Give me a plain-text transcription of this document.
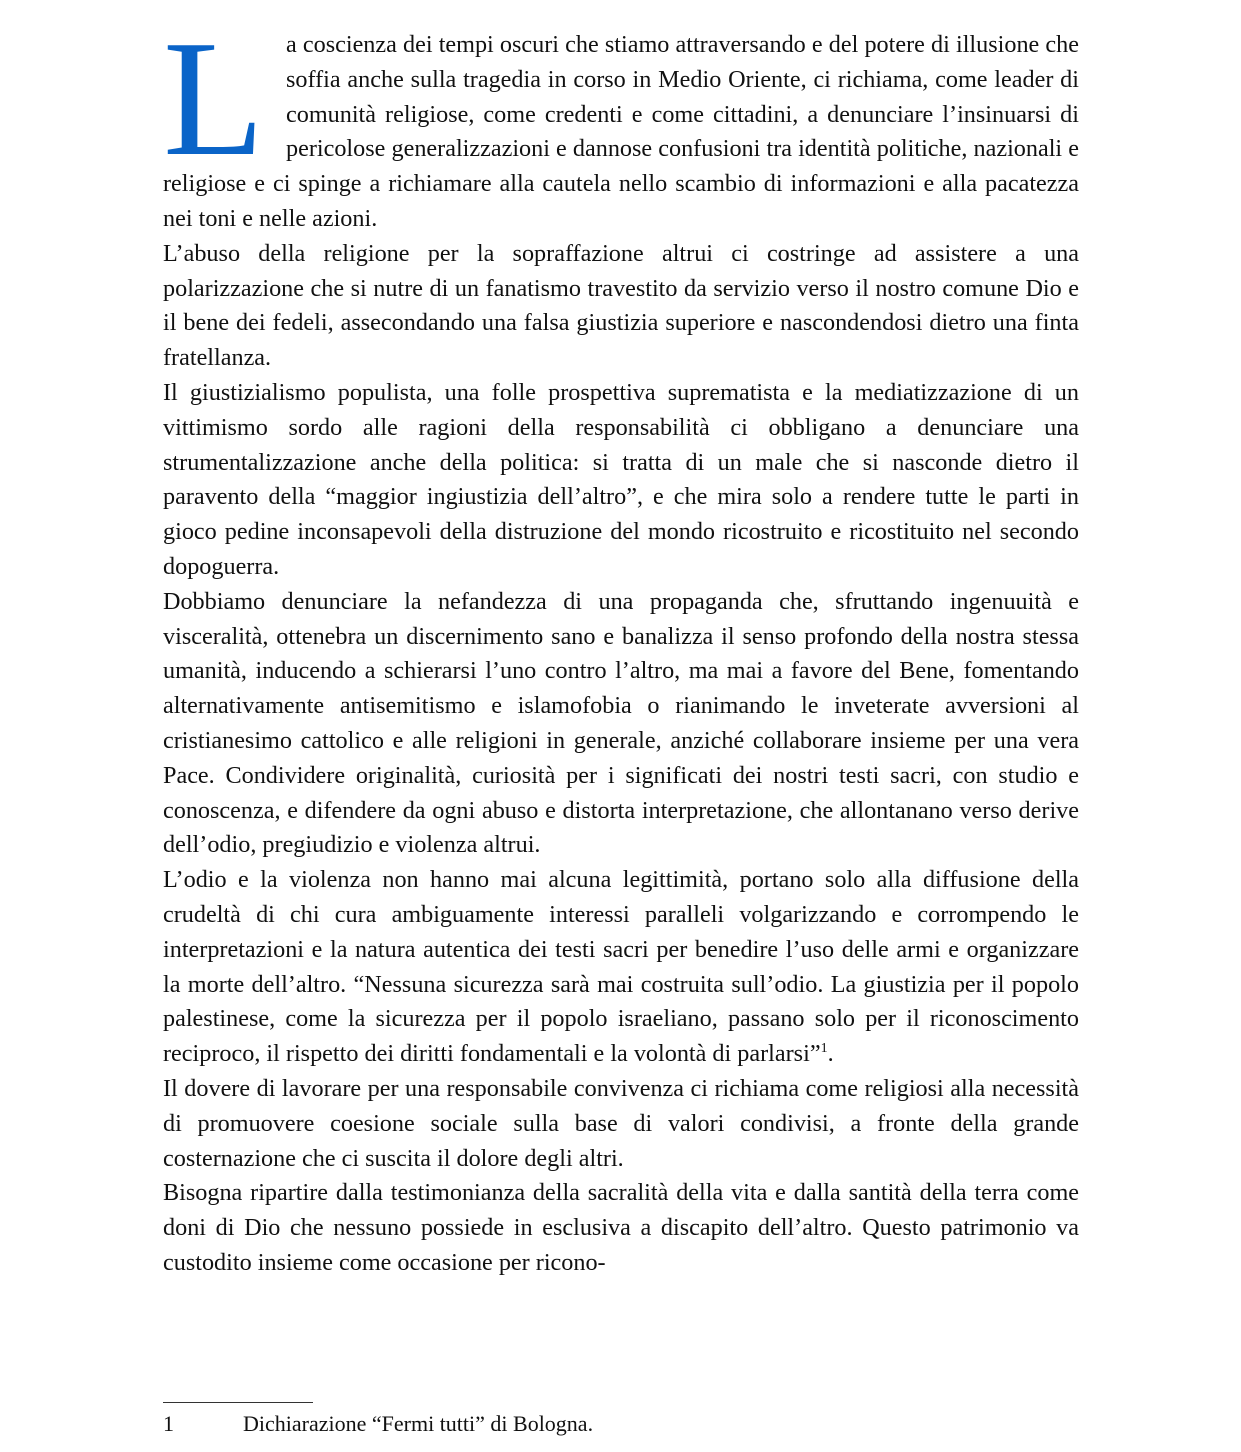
La coscienza dei tempi oscuri che stiamo attraversando e del potere di illusione che soffia anche sulla tragedia in corso in Medio Oriente, ci richiama, come leader di comunità religiose, come credenti e come cittadini, a denunciare l’insinuarsi di pericolose generalizzazioni e dannose confusioni tra identità politiche, nazionali e religiose e ci spinge a richiamare alla cautela nello scambio di informazioni e alla pacatezza nei toni e nelle azioni.

L’abuso della religione per la sopraffazione altrui ci costringe ad assistere a una polarizzazione che si nutre di un fanatismo travestito da servizio verso il nostro comune Dio e il bene dei fedeli, assecondando una falsa giustizia superiore e nascondendosi dietro una finta fratellanza.

Il giustizialismo populista, una folle prospettiva suprematista e la mediatizzazione di un vittimismo sordo alle ragioni della responsabilità ci obbligano a denunciare una strumentalizzazione anche della politica: si tratta di un male che si nasconde dietro il paravento della “maggior ingiustizia dell’altro”, e che mira solo a rendere tutte le parti in gioco pedine inconsapevoli della distruzione del mondo ricostruito e ricostituito nel secondo dopoguerra.

Dobbiamo denunciare la nefandezza di una propaganda che, sfruttando ingenuuità e visceralità, ottenebra un discernimento sano e banalizza il senso profondo della nostra stessa umanità, inducendo a schierarsi l’uno contro l’altro, ma mai a favore del Bene, fomentando alternativamente antisemitismo e islamofobia o rianimando le inveterate avversioni al cristianesimo cattolico e alle religioni in generale, anziché collaborare insieme per una vera Pace. Condividere originalità, curiosità per i significati dei nostri testi sacri, con studio e conoscenza, e difendere da ogni abuso e distorta interpretazione, che allontanano verso derive dell’odio, pregiudizio e violenza altrui.

L’odio e la violenza non hanno mai alcuna legittimità, portano solo alla diffusione della crudeltà di chi cura ambiguamente interessi paralleli volgarizzando e corrompendo le interpretazioni e la natura autentica dei testi sacri per benedire l’uso delle armi e organizzare la morte dell’altro. “Nessuna sicurezza sarà mai costruita sull’odio. La giustizia per il popolo palestinese, come la sicurezza per il popolo israeliano, passano solo per il riconoscimento reciproco, il rispetto dei diritti fondamentali e la volontà di parlarsi”$^1$.

Il dovere di lavorare per una responsabile convivenza ci richiama come religiosi alla necessità di promuovere coesione sociale sulla base di valori condivisi, a fronte della grande costernazione che ci suscita il dolore degli altri.

Bisogna ripartire dalla testimonianza della sacralità della vita e dalla santità della terra come doni di Dio che nessuno possiede in esclusiva a discapito dell’altro. Questo patrimonio va custodito insieme come occasione per ricono-

1	Dichiarazione “Fermi tutti” di Bologna.
